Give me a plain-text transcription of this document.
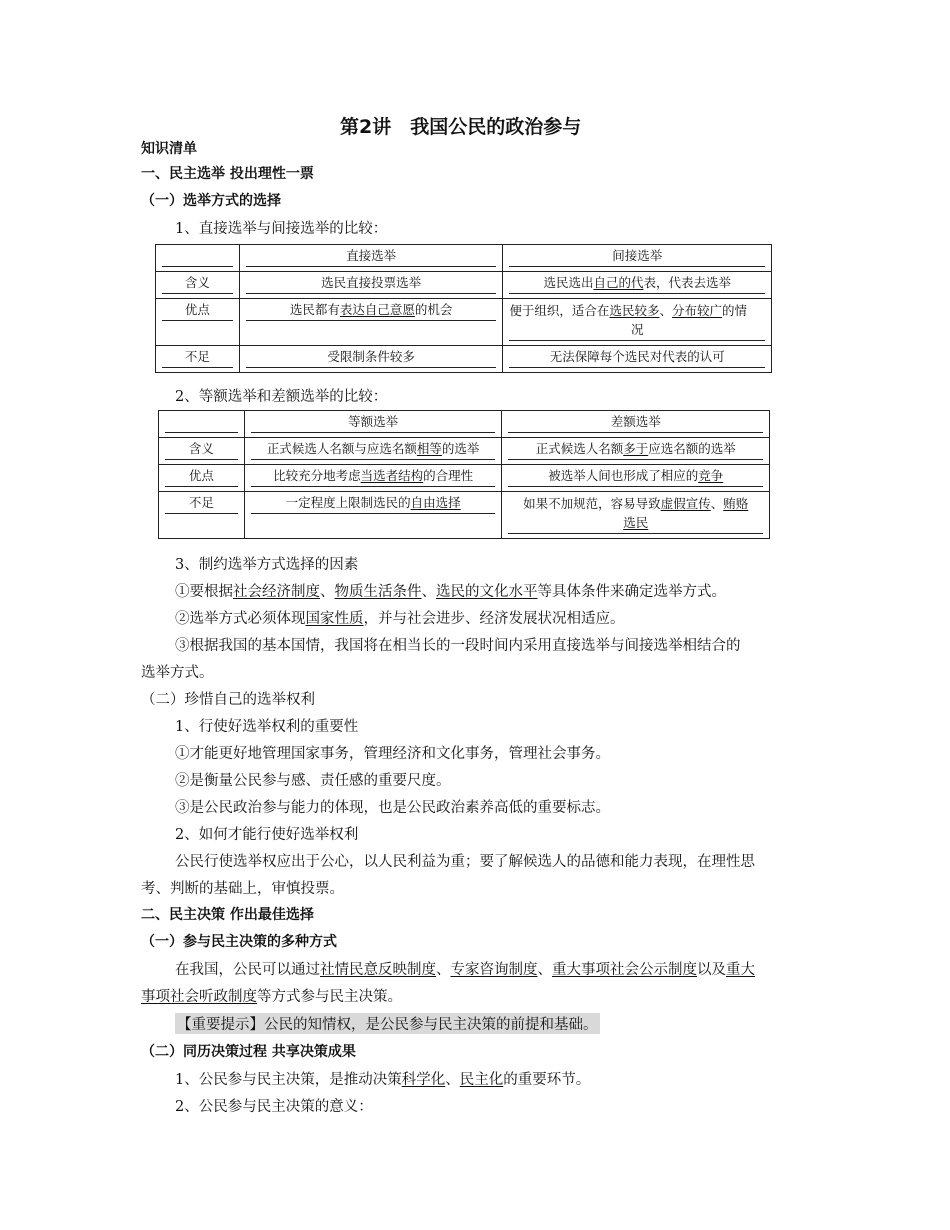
第2讲　我国公民的政治参与
知识清单
一、民主选举 投出理性一票
（一）选举方式的选择
1、直接选举与间接选举的比较：

	直接选举	间接选举

含义	选民直接投票选举	选民选出自己的代表，代表去选举

优点	选民都有表达自己意愿的机会	便于组织，适合在选民较多、分布较广的情
况

不足	受限制条件较多	无法保障每个选民对代表的认可
2、等额选举和差额选举的比较：

	等额选举	差额选举

含义	正式候选人名额与应选名额相等的选举	正式候选人名额多于应选名额的选举

优点	比较充分地考虑当选者结构的合理性	被选举人间也形成了相应的竞争

不足	一定程度上限制选民的自由选择	如果不加规范，容易导致虚假宣传、贿赂
选民
3、制约选举方式选择的因素
①要根据社会经济制度、物质生活条件、选民的文化水平等具体条件来确定选举方式。
②选举方式必须体现国家性质，并与社会进步、经济发展状况相适应。
③根据我国的基本国情，我国将在相当长的一段时间内采用直接选举与间接选举相结合的
选举方式。
（二）珍惜自己的选举权利
1、行使好选举权利的重要性
①才能更好地管理国家事务，管理经济和文化事务，管理社会事务。
②是衡量公民参与感、责任感的重要尺度。
③是公民政治参与能力的体现，也是公民政治素养高低的重要标志。
2、如何才能行使好选举权利
公民行使选举权应出于公心，以人民利益为重；要了解候选人的品德和能力表现，在理性思
考、判断的基础上，审慎投票。
二、民主决策 作出最佳选择
（一）参与民主决策的多种方式
在我国，公民可以通过社情民意反映制度、专家咨询制度、重大事项社会公示制度以及重大
事项社会听政制度等方式参与民主决策。
【重要提示】公民的知情权，是公民参与民主决策的前提和基础。
（二）同历决策过程 共享决策成果
1、公民参与民主决策，是推动决策科学化、民主化的重要环节。
2、公民参与民主决策的意义：
